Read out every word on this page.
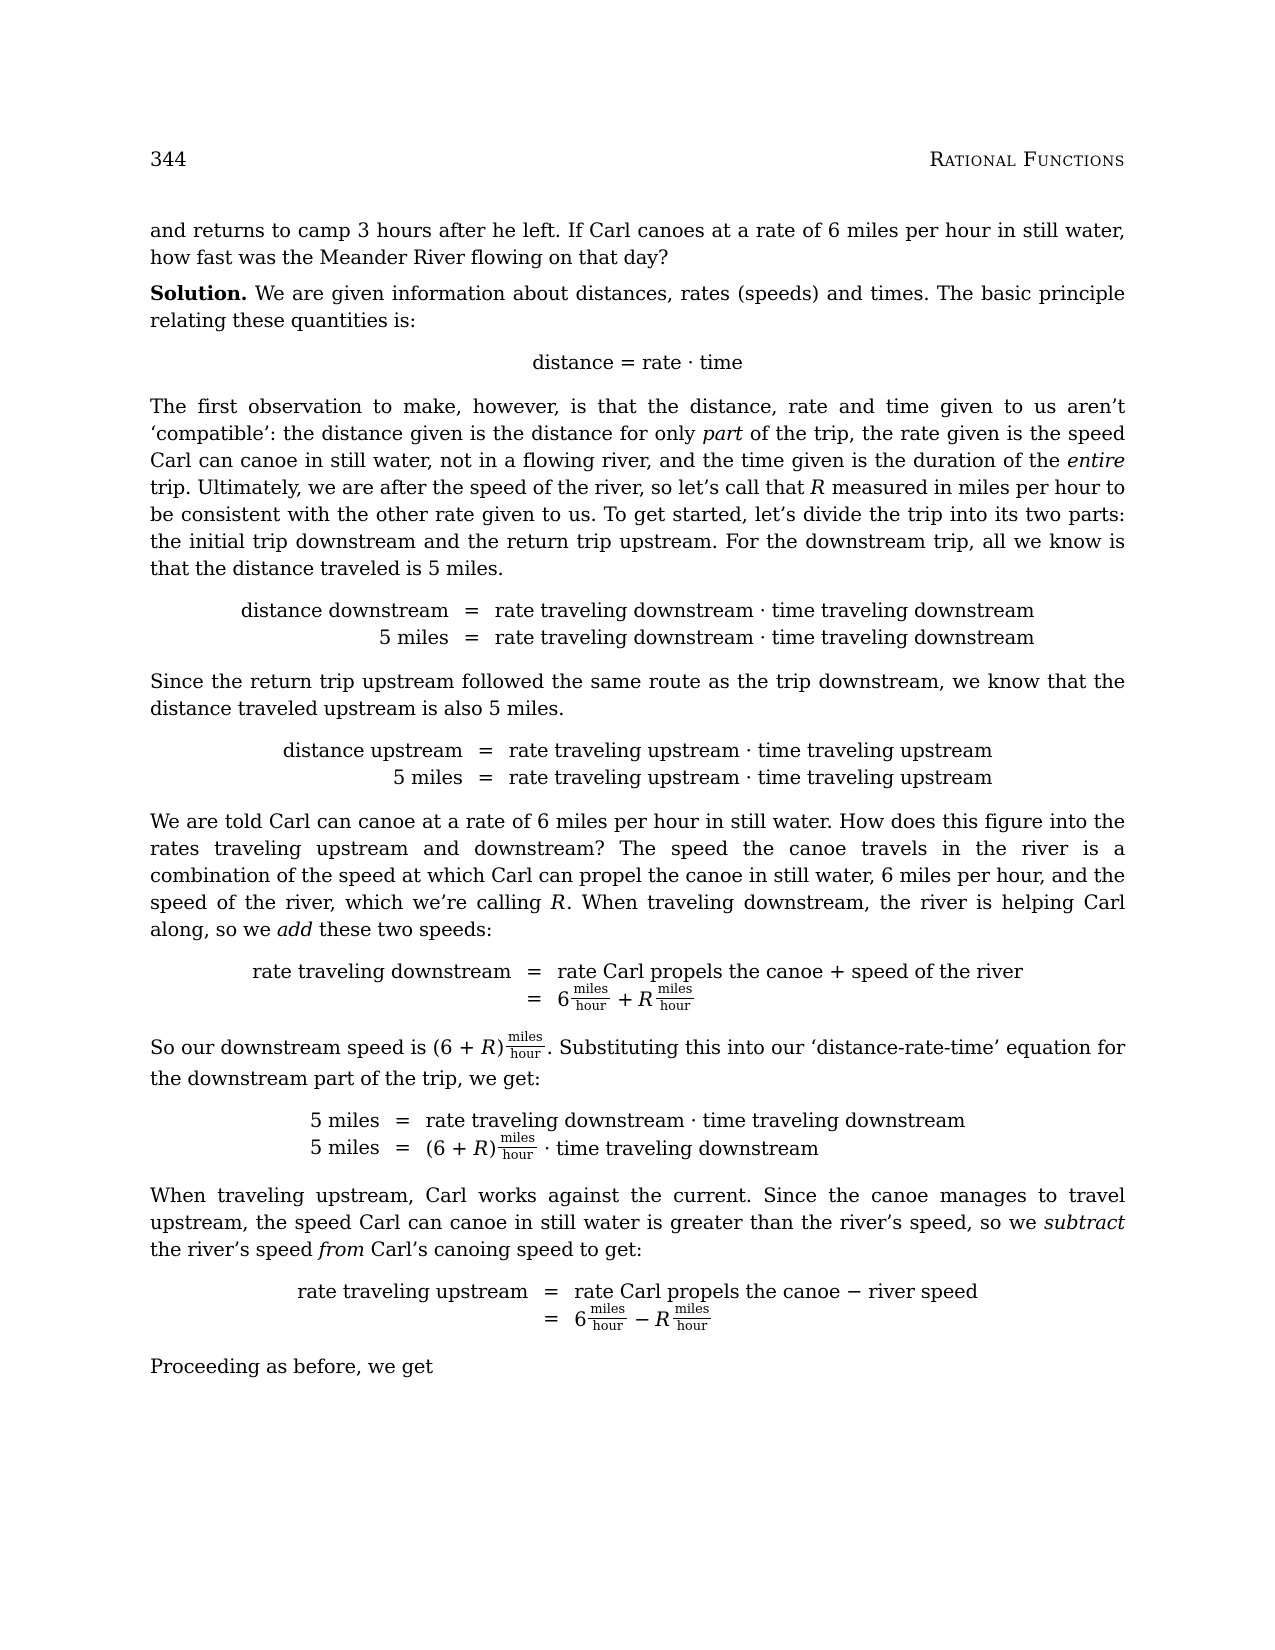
344	Rational Functions

and returns to camp 3 hours after he left. If Carl canoes at a rate of 6 miles per hour in still water, how fast was the Meander River flowing on that day?

Solution. We are given information about distances, rates (speeds) and times. The basic principle relating these quantities is:

distance = rate · time

The first observation to make, however, is that the distance, rate and time given to us aren’t ‘compatible’: the distance given is the distance for only part of the trip, the rate given is the speed Carl can canoe in still water, not in a flowing river, and the time given is the duration of the entire trip. Ultimately, we are after the speed of the river, so let’s call that R measured in miles per hour to be consistent with the other rate given to us. To get started, let’s divide the trip into its two parts: the initial trip downstream and the return trip upstream. For the downstream trip, all we know is that the distance traveled is 5 miles.

distance downstream = rate traveling downstream · time traveling downstream
5 miles = rate traveling downstream · time traveling downstream

Since the return trip upstream followed the same route as the trip downstream, we know that the distance traveled upstream is also 5 miles.

distance upstream = rate traveling upstream · time traveling upstream
5 miles = rate traveling upstream · time traveling upstream

We are told Carl can canoe at a rate of 6 miles per hour in still water. How does this figure into the rates traveling upstream and downstream? The speed the canoe travels in the river is a combination of the speed at which Carl can propel the canoe in still water, 6 miles per hour, and the speed of the river, which we’re calling R. When traveling downstream, the river is helping Carl along, so we add these two speeds:

rate traveling downstream = rate Carl propels the canoe + speed of the river
= $6 \frac{\text{miles}}{\text{hour}} + R \frac{\text{miles}}{\text{hour}}$

So our downstream speed is $(6 + R) \frac{\text{miles}}{\text{hour}}$ . Substituting this into our ‘distance-rate-time’ equation for the downstream part of the trip, we get:

5 miles = rate traveling downstream · time traveling downstream
5 miles = $(6 + R) \frac{\text{miles}}{\text{hour}}$ · time traveling downstream

When traveling upstream, Carl works against the current. Since the canoe manages to travel upstream, the speed Carl can canoe in still water is greater than the river’s speed, so we subtract the river’s speed from Carl’s canoing speed to get:

rate traveling upstream = rate Carl propels the canoe − river speed
= $6 \frac{\text{miles}}{\text{hour}} - R \frac{\text{miles}}{\text{hour}}$

Proceeding as before, we get
